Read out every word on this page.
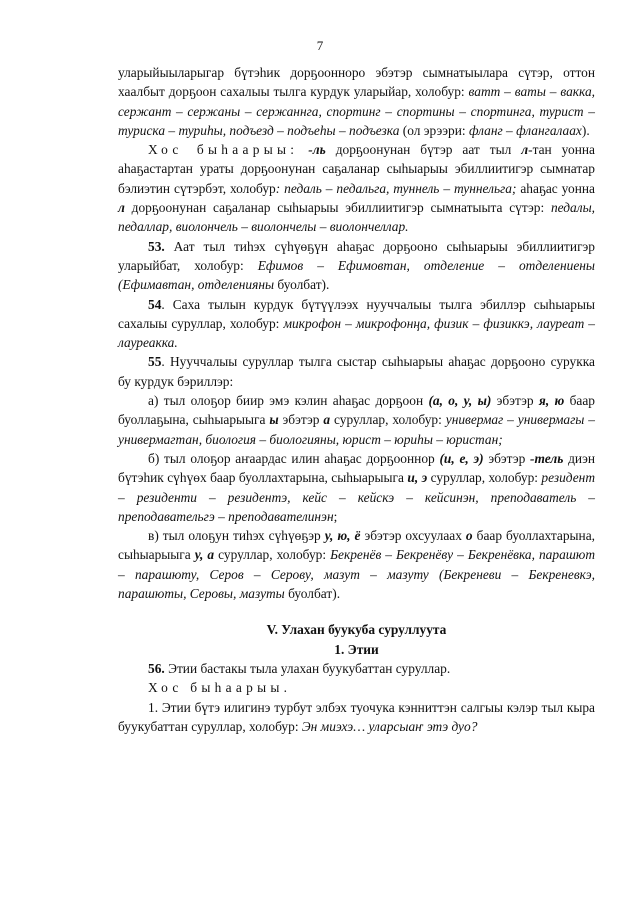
7

уларыйыыларыгар бүтэһик дорҕоонноро эбэтэр сымнатыылара сүтэр, оттон хаалбыт дорҕоон сахалыы тылга курдук уларыйар, холобур: ватт – ваты – вакка, сержант – сержаны – сержаннга, спортинг – спортины – спортинга, турист – туриска – туриһы, подъезд – подъеһы – подъезка (ол эрээри: фланг – флангалаах).

Хос быһаарыы: -ль дорҕоонунан бүтэр аат тыл л-тан уонна аһаҕастартан ураты дорҕоонунан саҕаланар сыһыарыы эбиллиитигэр сымнатар бэлиэтин сүтэрбэт, холобур: педаль – педальга, туннель – туннельга; аһаҕас уонна л дорҕоонунан саҕаланар сыһыарыы эбиллиитигэр сымнатыыта сүтэр: педалы, педаллар, виолончель – виолончелы – виолончеллар.

53. Аат тыл тиһэх сүһүөҕүн аһаҕас дорҕооно сыһыарыы эбиллиитигэр уларыйбат, холобур: Ефимов – Ефимовтан, отделение – отделениены (Ефимавтан, отделенияны буолбат).

54. Саха тылын курдук бүтүүлээх нууччалыы тылга эбиллэр сыһыарыы сахалыы суруллар, холобур: микрофон – микрофонңа, физик – физиккэ, лауреат – лауреакка.

55. Нууччалыы суруллар тылга сыстар сыһыарыы аһаҕас дорҕооно сурукка бу курдук бэриллэр:

а) тыл олоҕор биир эмэ кэлин аһаҕас дорҕоон (а, о, у, ы) эбэтэр я, ю баар буоллаҕына, сыһыарыыга ы эбэтэр а суруллар, холобур: универмаг – универмагы – универмагтан, биология – биологияны, юрист – юриһы – юристан;

б) тыл олоҕор аҥаардас илин аһаҕас дорҕооннор (и, е, э) эбэтэр -тель диэн бүтэһик сүһүөх баар буоллахтарына, сыһыарыыга и, э суруллар, холобур: резидент – резиденти – резидентэ, кейс – кейскэ – кейсинэн, преподаватель – преподавательгэ – преподавателинэн;

в) тыл олоҕун тиһэх сүһүөҕэр у, ю, ё эбэтэр охсуулаах о баар буоллахтарына, сыһыарыыга у, а суруллар, холобур: Бекренёв – Бекренёву – Бекренёвка, парашют – парашюту, Серов – Серову, мазут – мазуту (Бекреневи – Бекреневкэ, парашюты, Серовы, мазуты буолбат).

V. Улахан буукуба суруллуута

1. Этии

56. Этии бастакы тыла улахан буукубаттан суруллар.

Хос быһаарыы.

1. Этии бүтэ илигинэ турбут элбэх туочука кэнниттэн салгыы кэлэр тыл кыра буукубаттан суруллар, холобур: Эн миэхэ… уларсыаҥ этэ дуо?
